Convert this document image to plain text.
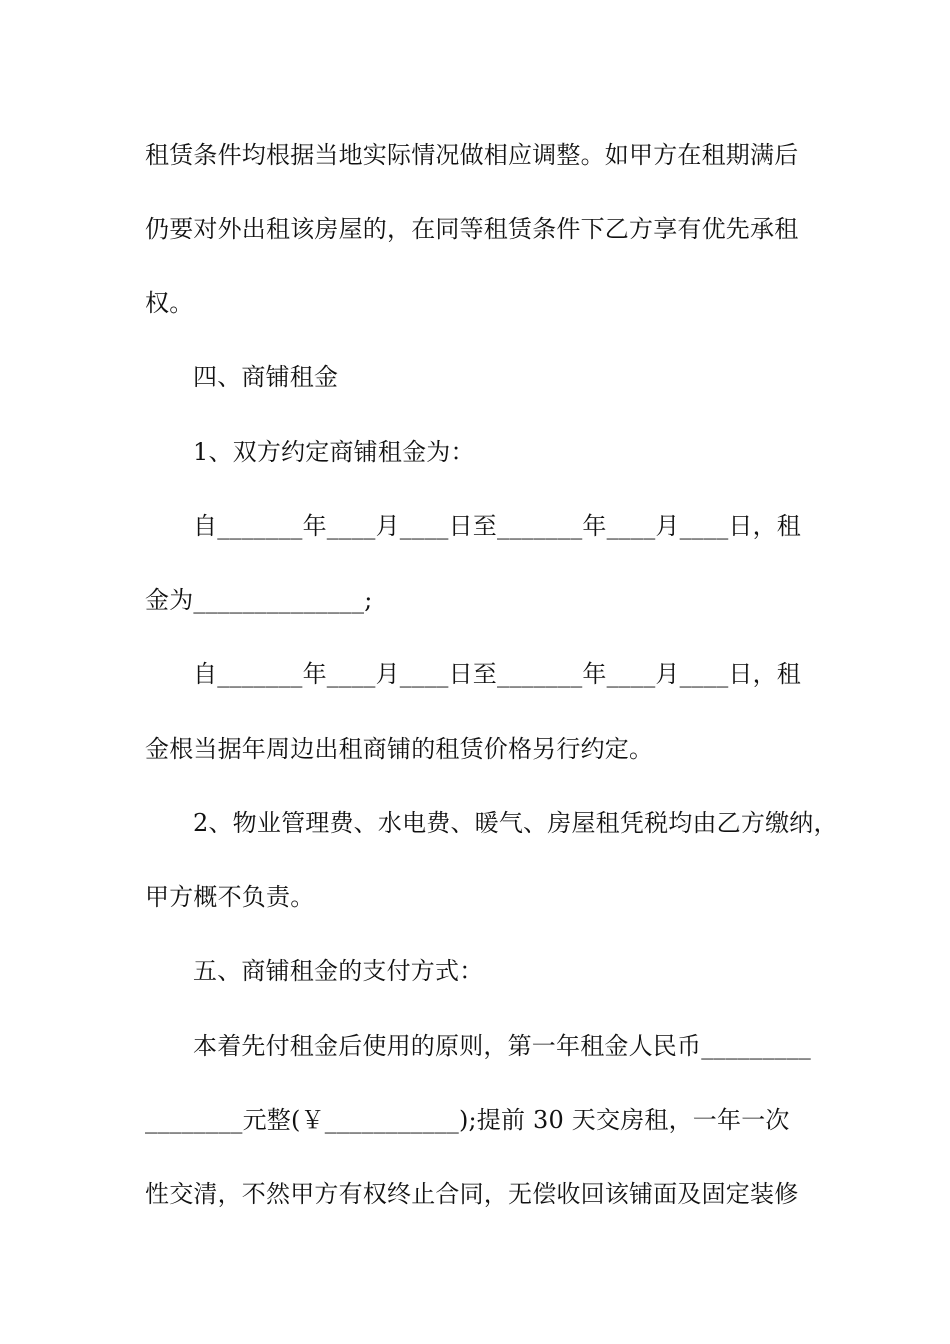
租赁条件均根据当地实际情况做相应调整。如甲方在租期满后
仍要对外出租该房屋的，在同等租赁条件下乙方享有优先承租
权。
四、商铺租金
1、双方约定商铺租金为：
自_______年____月____日至_______年____月____日，租
金为______________;
自_______年____月____日至_______年____月____日，租
金根当据年周边出租商铺的租赁价格另行约定。
2、物业管理费、水电费、暖气、房屋租凭税均由乙方缴纳，
甲方概不负责。
五、商铺租金的支付方式：
本着先付租金后使用的原则，第一年租金人民币_________
________元整(￥___________);提前 30 天交房租，一年一次
性交清，不然甲方有权终止合同，无偿收回该铺面及固定装修
